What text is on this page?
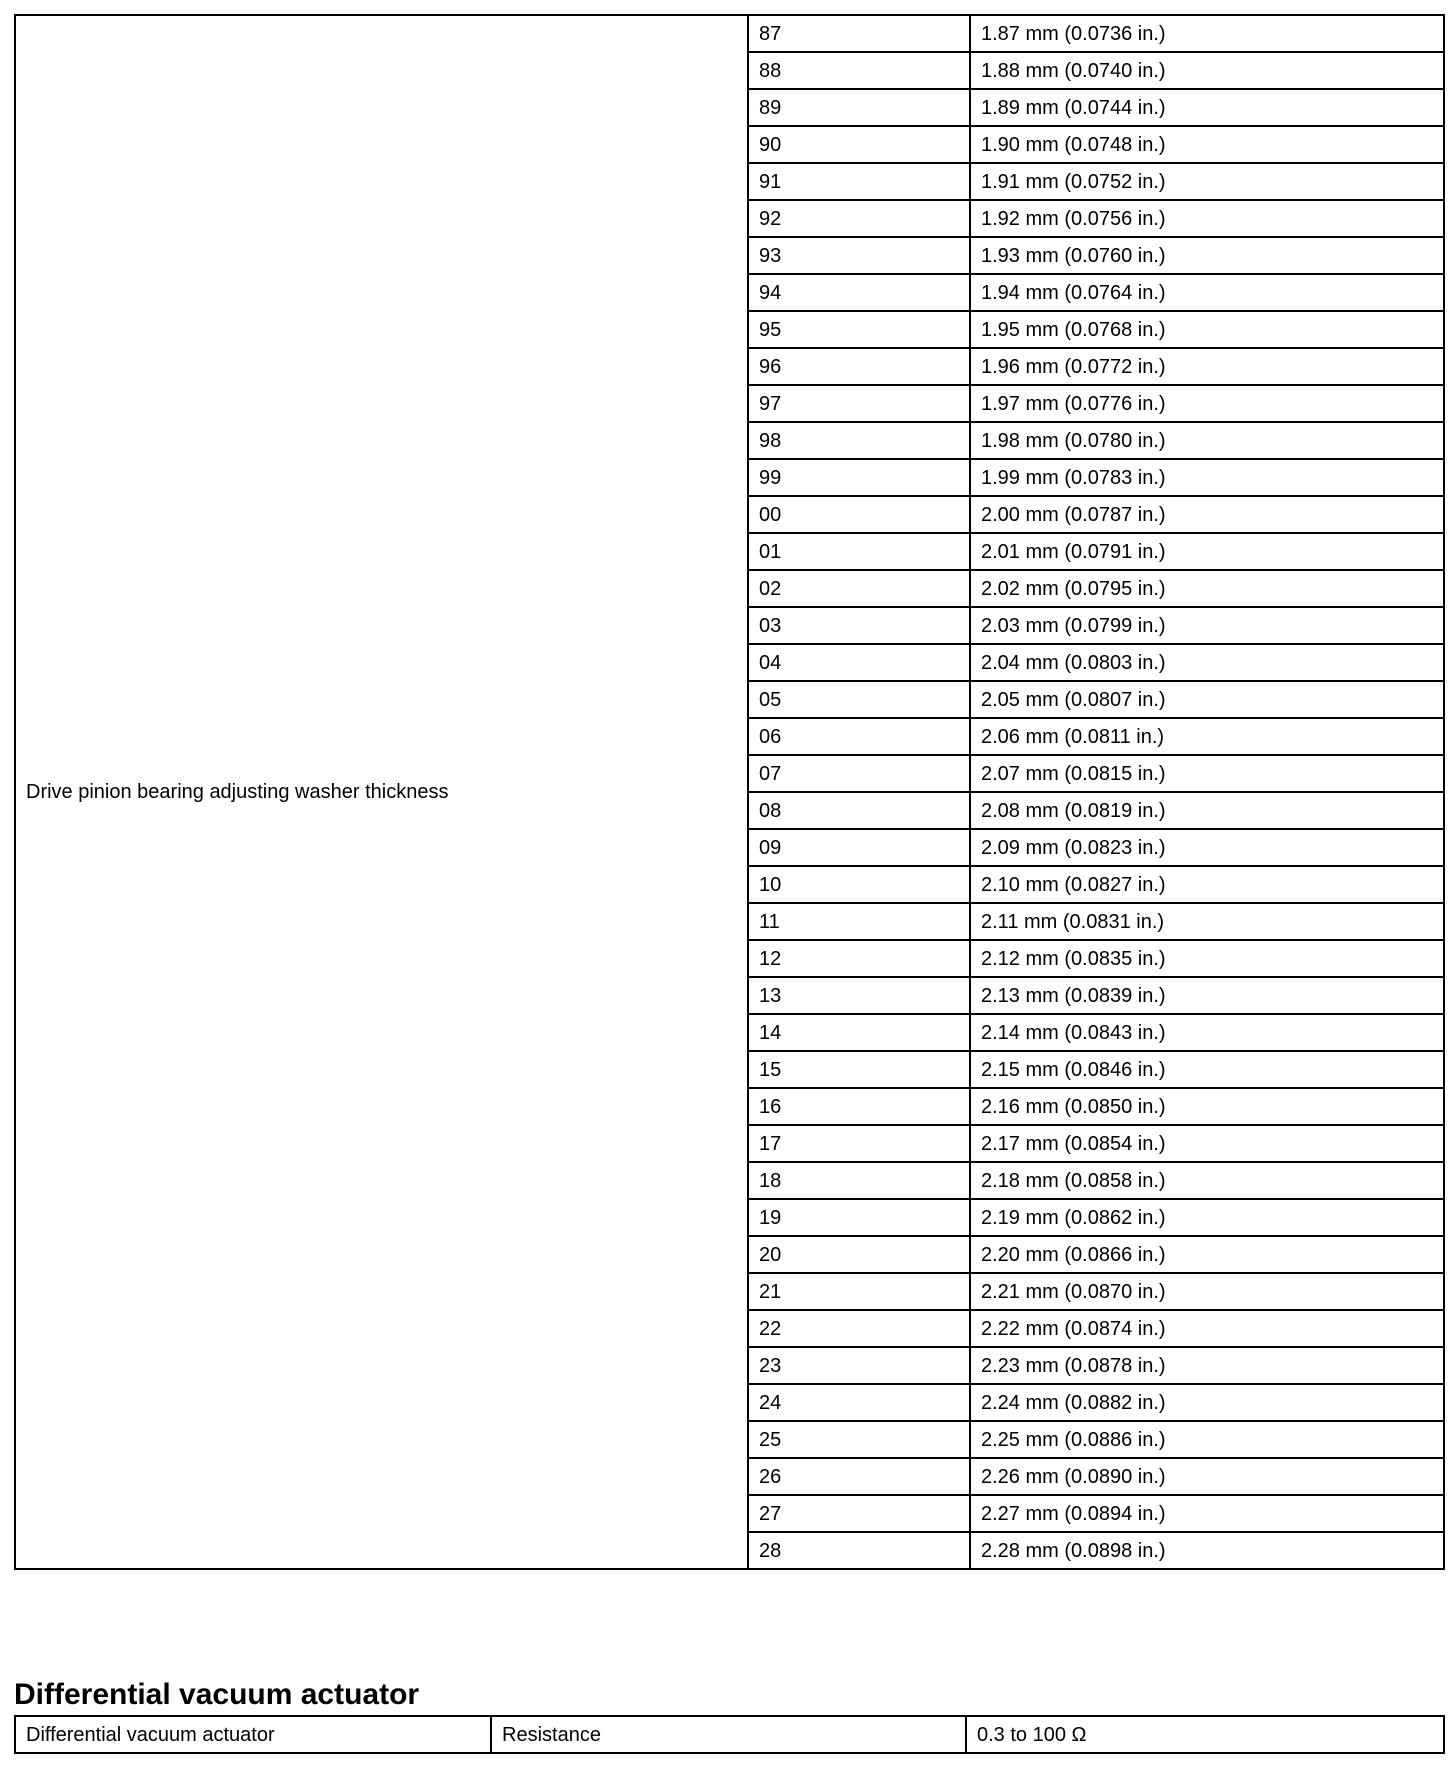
Drive pinion bearing adjusting washer thickness	87	1.87 mm (0.0736 in.)
	88	1.88 mm (0.0740 in.)
	89	1.89 mm (0.0744 in.)
	90	1.90 mm (0.0748 in.)
	91	1.91 mm (0.0752 in.)
	92	1.92 mm (0.0756 in.)
	93	1.93 mm (0.0760 in.)
	94	1.94 mm (0.0764 in.)
	95	1.95 mm (0.0768 in.)
	96	1.96 mm (0.0772 in.)
	97	1.97 mm (0.0776 in.)
	98	1.98 mm (0.0780 in.)
	99	1.99 mm (0.0783 in.)
	00	2.00 mm (0.0787 in.)
	01	2.01 mm (0.0791 in.)
	02	2.02 mm (0.0795 in.)
	03	2.03 mm (0.0799 in.)
	04	2.04 mm (0.0803 in.)
	05	2.05 mm (0.0807 in.)
	06	2.06 mm (0.0811 in.)
	07	2.07 mm (0.0815 in.)
	08	2.08 mm (0.0819 in.)
	09	2.09 mm (0.0823 in.)
	10	2.10 mm (0.0827 in.)
	11	2.11 mm (0.0831 in.)
	12	2.12 mm (0.0835 in.)
	13	2.13 mm (0.0839 in.)
	14	2.14 mm (0.0843 in.)
	15	2.15 mm (0.0846 in.)
	16	2.16 mm (0.0850 in.)
	17	2.17 mm (0.0854 in.)
	18	2.18 mm (0.0858 in.)
	19	2.19 mm (0.0862 in.)
	20	2.20 mm (0.0866 in.)
	21	2.21 mm (0.0870 in.)
	22	2.22 mm (0.0874 in.)
	23	2.23 mm (0.0878 in.)
	24	2.24 mm (0.0882 in.)
	25	2.25 mm (0.0886 in.)
	26	2.26 mm (0.0890 in.)
	27	2.27 mm (0.0894 in.)
	28	2.28 mm (0.0898 in.)
Differential vacuum actuator
Differential vacuum actuator	Resistance	0.3 to 100 Ω
